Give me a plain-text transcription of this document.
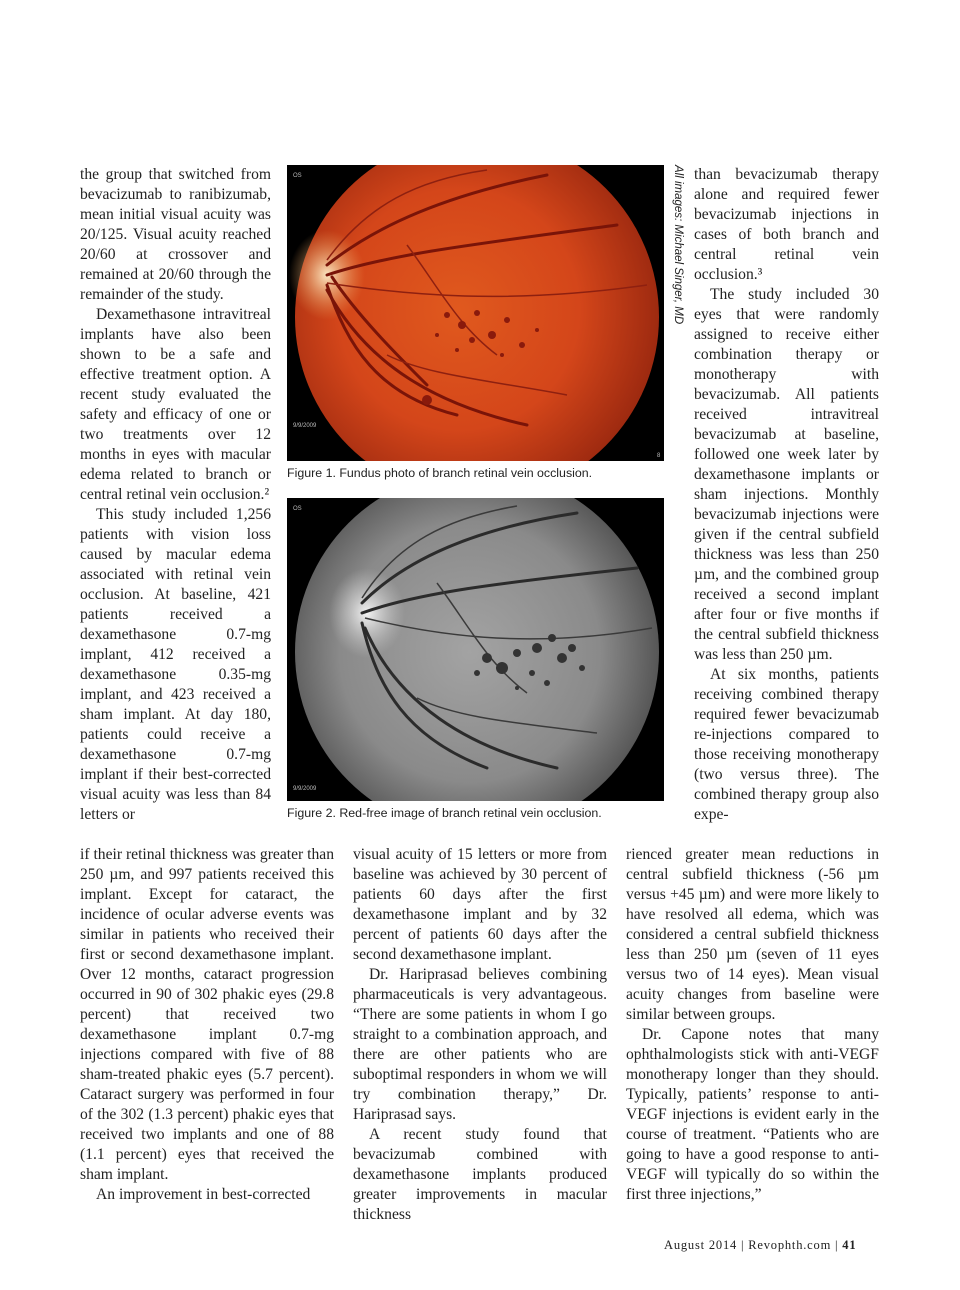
the group that switched from bevacizumab to ranibizumab, mean initial visual acuity was 20/125. Visual acuity reached 20/60 at crossover and remained at 20/60 through the remainder of the study.

Dexamethasone intravitreal implants have also been shown to be a safe and effective treatment option. A recent study evaluated the safety and efficacy of one or two treatments over 12 months in eyes with macular edema related to branch or central retinal vein occlusion.²

This study included 1,256 patients with vision loss caused by macular edema associated with retinal vein occlusion. At baseline, 421 patients received a dexamethasone 0.7-mg implant, 412 received a dexamethasone 0.35-mg implant, and 423 received a sham implant. At day 180, patients could receive a dexamethasone 0.7-mg implant if their best-corrected visual acuity was less than 84 letters or

if their retinal thickness was greater than 250 µm, and 997 patients received this implant. Except for cataract, the incidence of ocular adverse events was similar in patients who received their first or second dexamethasone implant. Over 12 months, cataract progression occurred in 90 of 302 phakic eyes (29.8 percent) that received two dexamethasone implant 0.7-mg injections compared with five of 88 sham-treated phakic eyes (5.7 percent). Cataract surgery was performed in four of the 302 (1.3 percent) phakic eyes that received two implants and one of 88 (1.1 percent) eyes that received the sham implant.

An improvement in best-corrected

visual acuity of 15 letters or more from baseline was achieved by 30 percent of patients 60 days after the first dexamethasone implant and by 32 percent of patients 60 days after the second dexamethasone implant.

Dr. Hariprasad believes combining pharmaceuticals is very advantageous. “There are some patients in whom I go straight to a combination approach, and there are other patients who are suboptimal responders in whom we will try combination therapy,” Dr. Hariprasad says.

A recent study found that bevacizumab combined with dexamethasone implants produced greater improvements in macular thickness

than bevacizumab therapy alone and required fewer bevacizumab injections in cases of both branch and central retinal vein occlusion.³

The study included 30 eyes that were randomly assigned to receive either combination therapy or monotherapy with bevacizumab. All patients received intravitreal bevacizumab at baseline, followed one week later by dexamethasone implants or sham injections. Monthly bevacizumab injections were given if the central subfield thickness was less than 250 µm, and the combined group received a second implant after four or five months if the central subfield thickness was less than 250 µm.

At six months, patients receiving combined therapy required fewer bevacizumab re-injections compared to those receiving monotherapy (two versus three). The combined therapy group also expe-

rienced greater mean reductions in central subfield thickness (-56 µm versus +45 µm) and were more likely to have resolved all edema, which was considered a central subfield thickness less than 250 µm (seven of 11 eyes versus two of 14 eyes). Mean visual acuity changes from baseline were similar between groups.

Dr. Capone notes that many ophthalmologists stick with anti-VEGF monotherapy longer than they should. Typically, patients’ response to anti-VEGF injections is evident early in the course of treatment. “Patients who are going to have a good response to anti-VEGF will typically do so within the first three injections,”

OS
9/9/2009
8
Figure 1. Fundus photo of branch retinal vein occlusion.
OS
9/9/2009
Figure 2. Red-free image of branch retinal vein occlusion.
All images: Michael Singer, MD
August 2014 | Revophth.com | 41
